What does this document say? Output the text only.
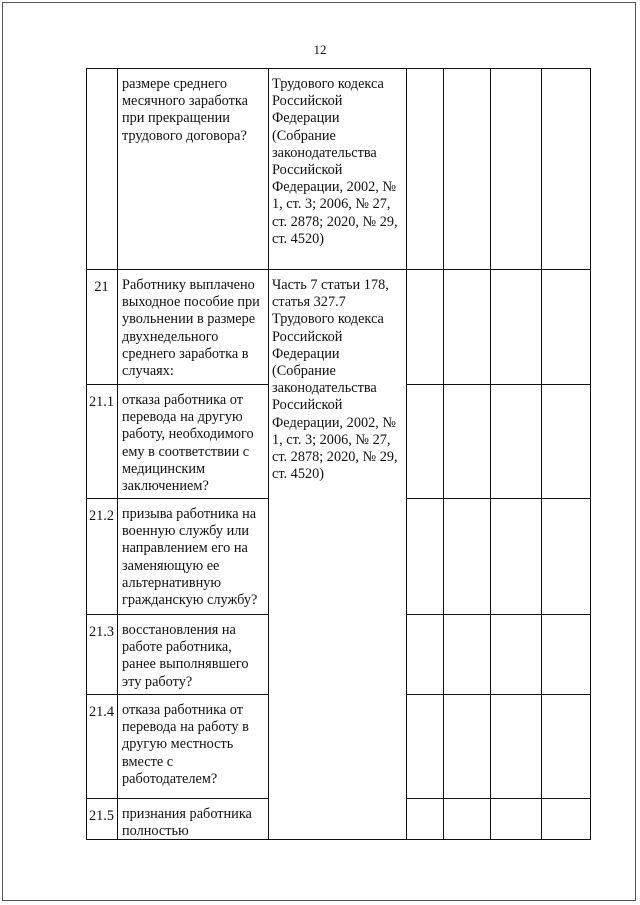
12
размере среднего месячного заработка при прекращении трудового договора?
Трудового кодекса Российской Федерации (Собрание законодательства Российской Федерации, 2002, № 1, ст. 3; 2006, № 27, ст. 2878; 2020, № 29, ст. 4520)
21 Работнику выплачено выходное пособие при увольнении в размере двухнедельного среднего заработка в случаях:
Часть 7 статьи 178, статья 327.7 Трудового кодекса Российской Федерации (Собрание законодательства Российской Федерации, 2002, № 1, ст. 3; 2006, № 27, ст. 2878; 2020, № 29, ст. 4520)
21.1 отказа работника от перевода на другую работу, необходимого ему в соответствии с медицинским заключением?
21.2 призыва работника на военную службу или направлением его на заменяющую ее альтернативную гражданскую службу?
21.3 восстановления на работе работника, ранее выполнявшего эту работу?
21.4 отказа работника от перевода на работу в другую местность вместе с работодателем?
21.5 признания работника полностью
